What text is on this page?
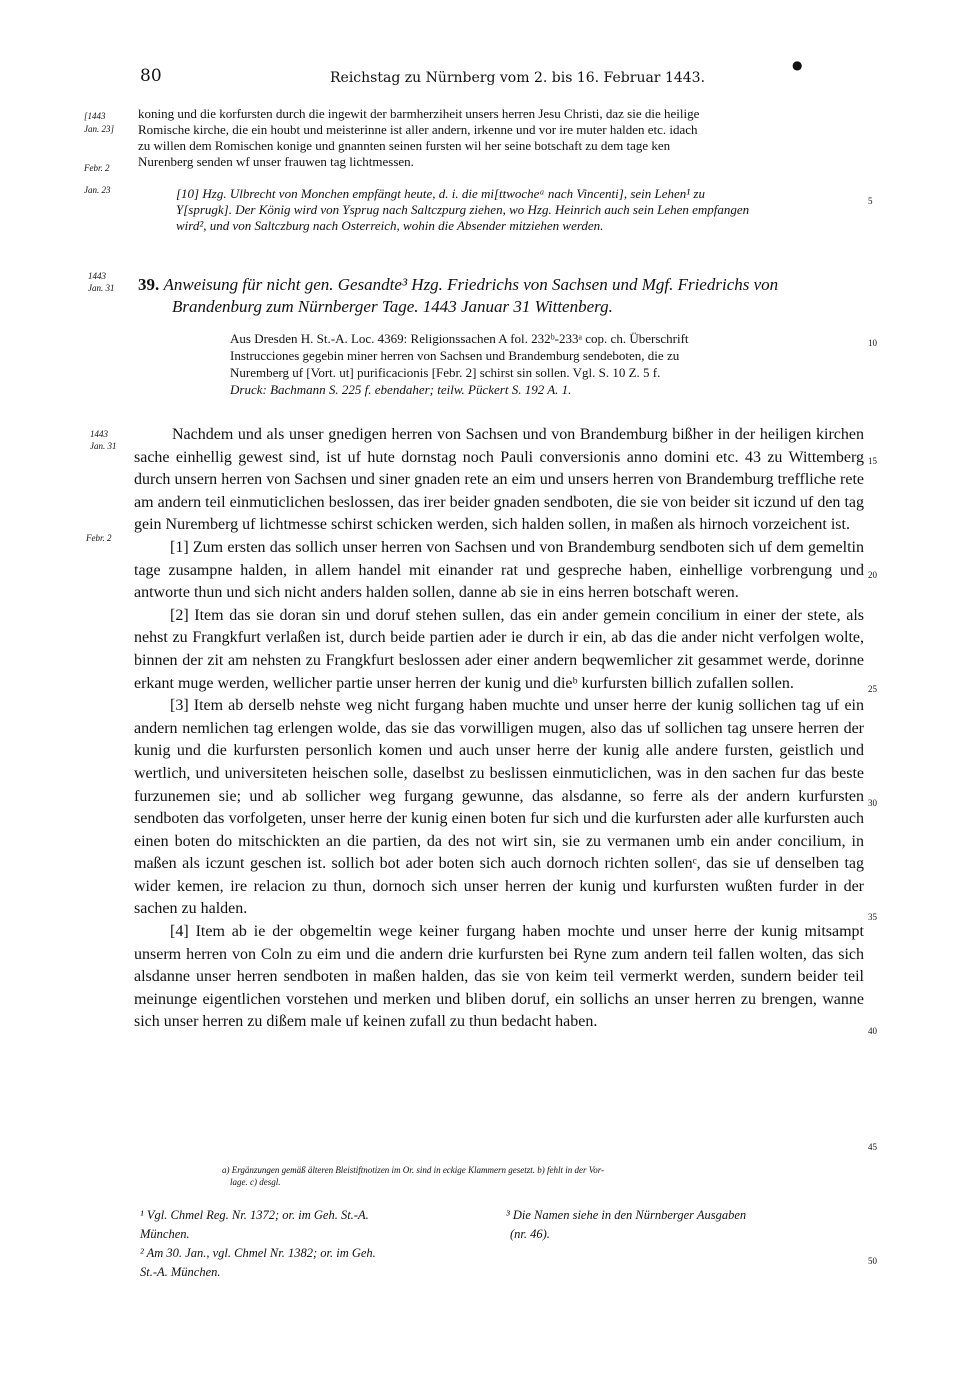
80	Reichstag zu Nürnberg vom 2. bis 16. Februar 1443.
●
[1443
Jan. 23]
Febr. 2
Jan. 23

koning und die korfursten durch die ingewit der barmherziheit unsers herren Jesu Christi, daz sie die heilige

Romische kirche, die ein houbt und meisterinne ist aller andern, irkenne und vor ire muter halden etc. idach

zu willen dem Romischen konige und gnannten seinen fursten wil her seine botschaft zu dem tage ken

Nurenberg senden wf unser frauwen tag lichtmessen.

[10] Hzg. Ulbrecht von Monchen empfängt heute, d. i. die mi[ttwocheᵃ nach Vincenti], sein Lehen¹ zu

Y[sprugk]. Der König wird von Ysprug nach Saltczpurg ziehen, wo Hzg. Heinrich auch sein Lehen empfangen

wird², und von Saltczburg nach Osterreich, wohin die Absender mitziehen werden.

5
1443
Jan. 31	39. Anweisung für nicht gen. Gesandte³ Hzg. Friedrichs von Sachsen und Mgf. Friedrichs von
Brandenburg zum Nürnberger Tage. 1443 Januar 31 Wittenberg.
Aus Dresden H. St.-A. Loc. 4369: Religionssachen A fol. 232ᵇ-233ᵃ cop. ch. Überschrift
Instrucciones gegebin miner herren von Sachsen und Brandemburg sendeboten, die zu
Nuremberg uf [Vort. ut] purificacionis [Febr. 2] schirst sin sollen. Vgl. S. 10 Z. 5 f.
Druck: Bachmann S. 225 f. ebendaher; teilw. Pückert S. 192 A. 1.
10
1443
Jan. 31
Febr. 2

Nachdem und als unser gnedigen herren von Sachsen und von Brandemburg bißher in der heiligen kirchen sache einhellig gewest sind, ist uf hute dornstag noch Pauli conversionis anno domini etc. 43 zu Wittemberg durch unsern herren von Sachsen und siner gnaden rete an eim und unsers herren von Brandemburg treffliche rete am andern teil einmuticlichen beslossen, das irer beider gnaden sendboten, die sie von beider sit iczund uf den tag gein Nuremberg uf lichtmesse schirst schicken werden, sich halden sollen, in maßen als hirnoch vorzeichent ist.

[1] Zum ersten das sollich unser herren von Sachsen und von Brandemburg sendboten sich uf dem gemeltin tage zusampne halden, in allem handel mit einander rat und gespreche haben, einhellige vorbrengung und antworte thun und sich nicht anders halden sollen, danne ab sie in eins herren botschaft weren.

[2] Item das sie doran sin und doruf stehen sullen, das ein ander gemein concilium in einer der stete, als nehst zu Frangkfurt verlaßen ist, durch beide partien ader ie durch ir ein, ab das die ander nicht verfolgen wolte, binnen der zit am nehsten zu Frangkfurt beslossen ader einer andern beqwemlicher zit gesammet werde, dorinne erkant muge werden, wellicher partie unser herren der kunig und dieᵇ kurfursten billich zufallen sollen.

[3] Item ab derselb nehste weg nicht furgang haben muchte und unser herre der kunig sollichen tag uf ein andern nemlichen tag erlengen wolde, das sie das vorwilligen mugen, also das uf sollichen tag unsere herren der kunig und die kurfursten personlich komen und auch unser herre der kunig alle andere fursten, geistlich und wertlich, und universiteten heischen solle, daselbst zu beslissen einmuticlichen, was in den sachen fur das beste furzunemen sie; und ab sollicher weg furgang gewunne, das alsdanne, so ferre als der andern kurfursten sendboten das vorfolgeten, unser herre der kunig einen boten fur sich und die kurfursten ader alle kurfursten auch einen boten do mitschickten an die partien, da des not wirt sin, sie zu vermanen umb ein ander concilium, in maßen als iczunt geschen ist. sollich bot ader boten sich auch dornoch richten sollenᶜ, das sie uf denselben tag wider kemen, ire relacion zu thun, dornoch sich unser herren der kunig und kurfursten wußten furder in der sachen zu halden.

[4] Item ab ie der obgemeltin wege keiner furgang haben mochte und unser herre der kunig mitsampt unserm herren von Coln zu eim und die andern drie kurfursten bei Ryne zum andern teil fallen wolten, das sich alsdanne unser herren sendboten in maßen halden, das sie von keim teil vermerkt werden, sundern beider teil meinunge eigentlichen vorstehen und merken und bliben doruf, ein sollichs an unser herren zu brengen, wanne sich unser herren zu dißem male uf keinen zufall zu thun bedacht haben.

15
20
25
30
35
40
45
a) Ergänzungen gemäß älteren Bleistiftnotizen im Or. sind in eckige Klammern gesetzt. b) fehlt in der Vor-
lage. c) desgl.
¹ Vgl. Chmel Reg. Nr. 1372; or. im Geh. St.-A.
München.
² Am 30. Jan., vgl. Chmel Nr. 1382; or. im Geh.
St.-A. München.
³ Die Namen siehe in den Nürnberger Ausgaben
(nr. 46).
50
